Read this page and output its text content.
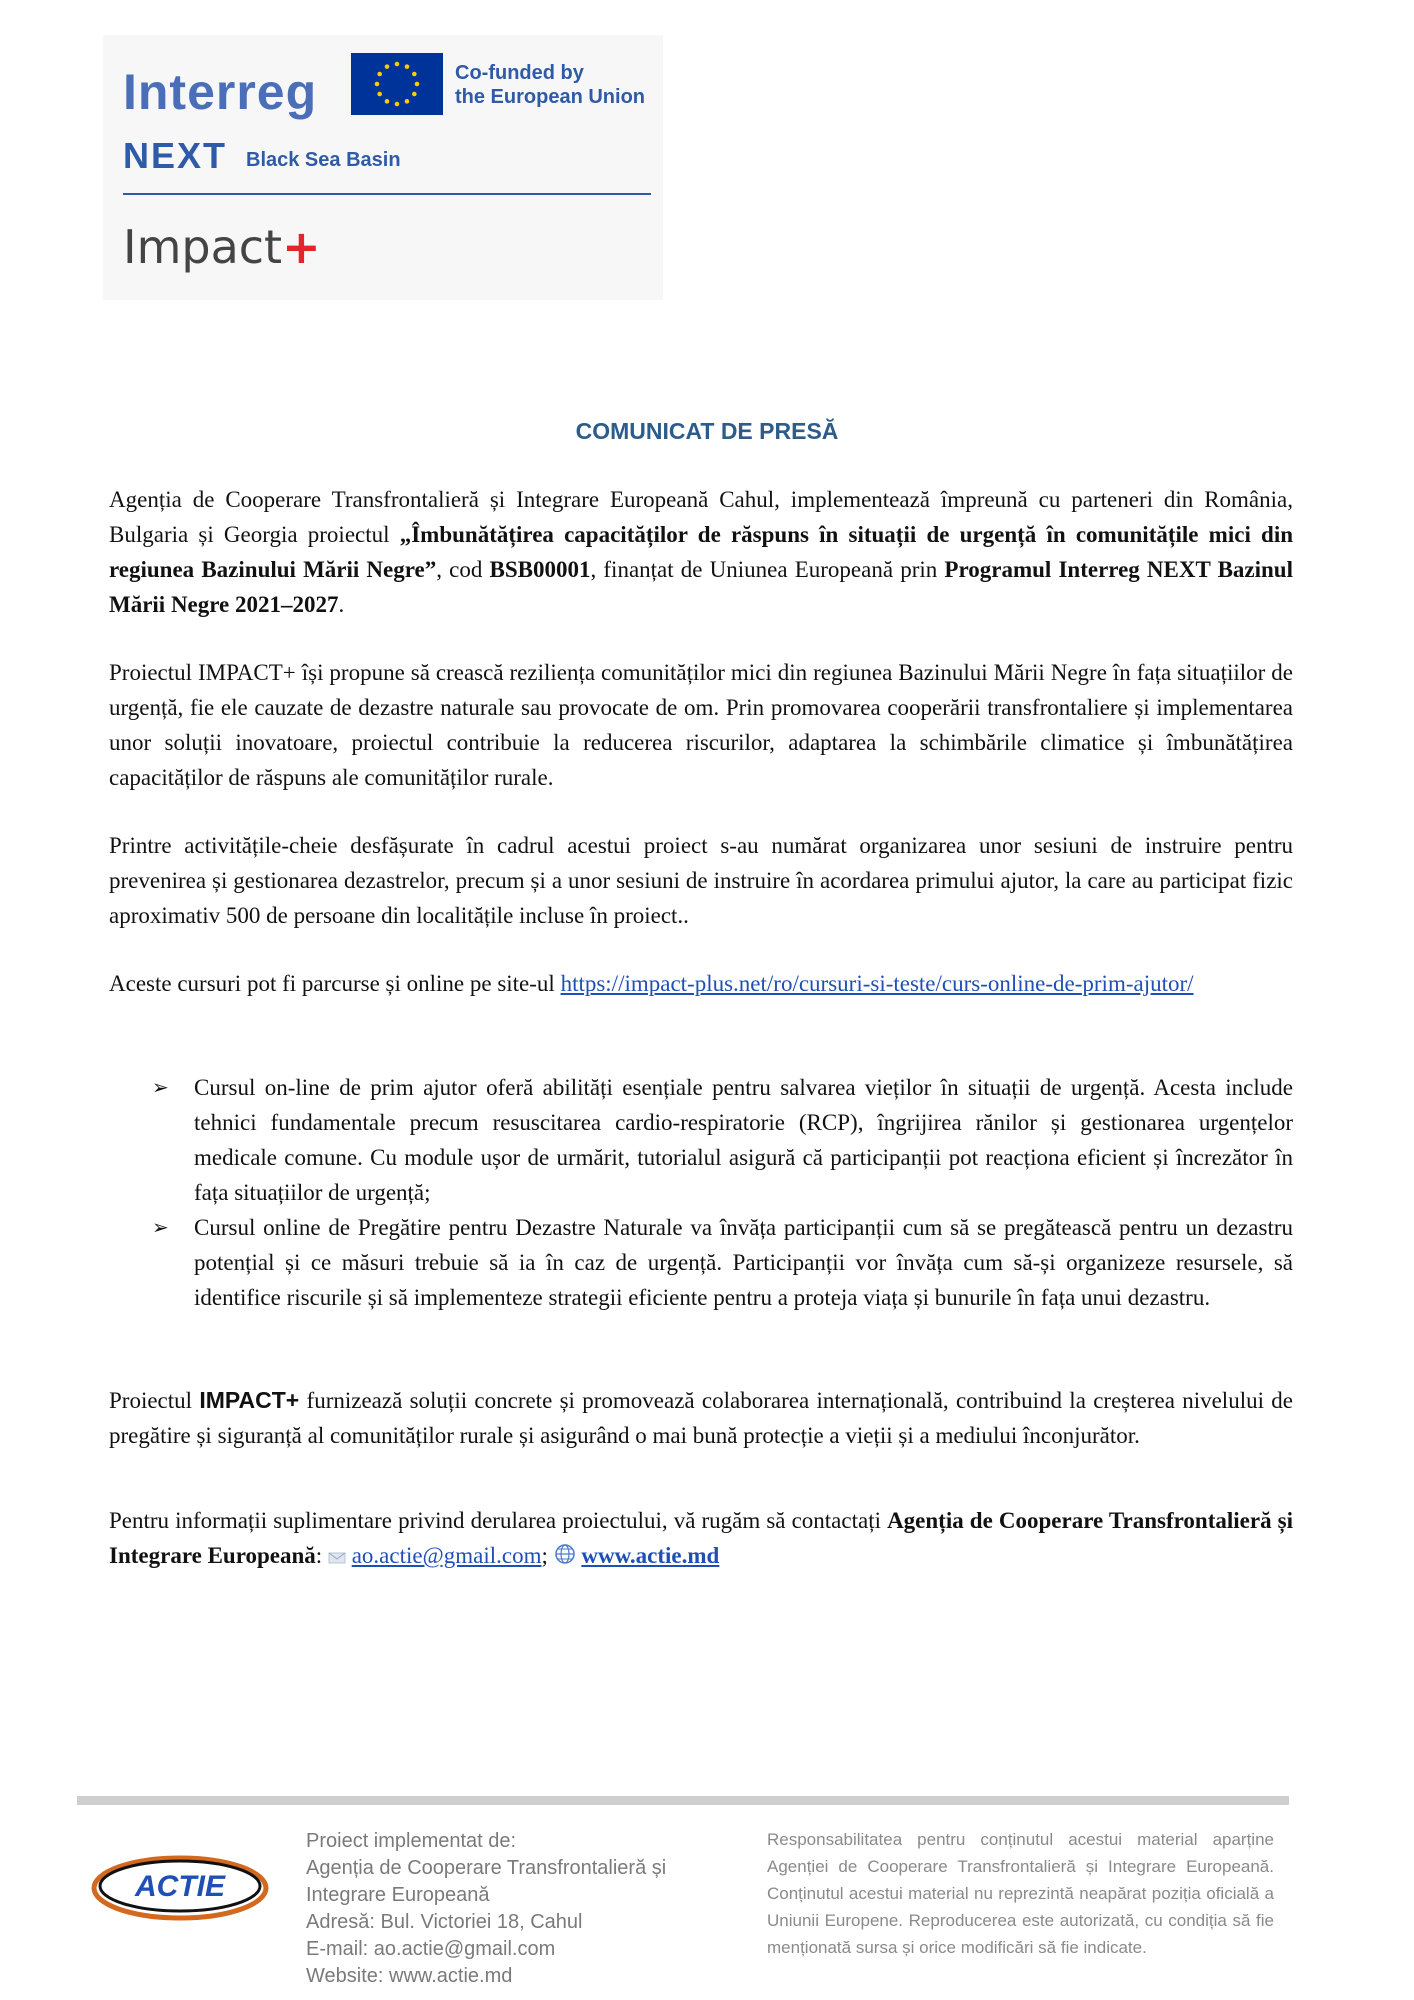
Interreg	Co-funded by
the European Union
NEXT Black Sea Basin
Impact+
COMUNICAT DE PRESĂ
Agenția de Cooperare Transfrontalieră și Integrare Europeană Cahul, implementează împreună cu parteneri din România, Bulgaria și Georgia proiectul „Îmbunătățirea capacităților de răspuns în situații de urgență în comunitățile mici din regiunea Bazinului Mării Negre”, cod BSB00001, finanțat de Uniunea Europeană prin Programul Interreg NEXT Bazinul Mării Negre 2021–2027.
Proiectul IMPACT+ își propune să crească reziliența comunităților mici din regiunea Bazinului Mării Negre în fața situațiilor de urgență, fie ele cauzate de dezastre naturale sau provocate de om. Prin promovarea cooperării transfrontaliere și implementarea unor soluții inovatoare, proiectul contribuie la reducerea riscurilor, adaptarea la schimbările climatice și îmbunătățirea capacităților de răspuns ale comunităților rurale.
Printre activitățile-cheie desfășurate în cadrul acestui proiect s-au numărat organizarea unor sesiuni de instruire pentru prevenirea și gestionarea dezastrelor, precum și a unor sesiuni de instruire în acordarea primului ajutor, la care au participat fizic aproximativ 500 de persoane din localitățile incluse în proiect..
Aceste cursuri pot fi parcurse și online pe site-ul https://impact-plus.net/ro/cursuri-si-teste/curs-online-de-prim-ajutor/
➢ Cursul on-line de prim ajutor oferă abilități esențiale pentru salvarea vieților în situații de urgență. Acesta include tehnici fundamentale precum resuscitarea cardio-respiratorie (RCP), îngrijirea rănilor și gestionarea urgențelor medicale comune. Cu module ușor de urmărit, tutorialul asigură că participanții pot reacționa eficient și încrezător în fața situațiilor de urgență;
➢ Cursul online de Pregătire pentru Dezastre Naturale va învăța participanții cum să se pregătească pentru un dezastru potențial și ce măsuri trebuie să ia în caz de urgență. Participanții vor învăța cum să-și organizeze resursele, să identifice riscurile și să implementeze strategii eficiente pentru a proteja viața și bunurile în fața unui dezastru.
Proiectul IMPACT+ furnizează soluții concrete și promovează colaborarea internațională, contribuind la creșterea nivelului de pregătire și siguranță al comunităților rurale și asigurând o mai bună protecție a vieții și a mediului înconjurător.
Pentru informații suplimentare privind derularea proiectului, vă rugăm să contactați Agenția de Cooperare Transfrontalieră și Integrare Europeană: ao.actie@gmail.com; www.actie.md
ACTIE
Proiect implementat de:
Agenția de Cooperare Transfrontalieră și
Integrare Europeană
Adresă: Bul. Victoriei 18, Cahul
E-mail: ao.actie@gmail.com
Website: www.actie.md
Responsabilitatea pentru conținutul acestui material aparține Agenției de Cooperare Transfrontalieră și Integrare Europeană. Conținutul acestui material nu reprezintă neapărat poziția oficială a Uniunii Europene. Reproducerea este autorizată, cu condiția să fie menționată sursa și orice modificări să fie indicate.
